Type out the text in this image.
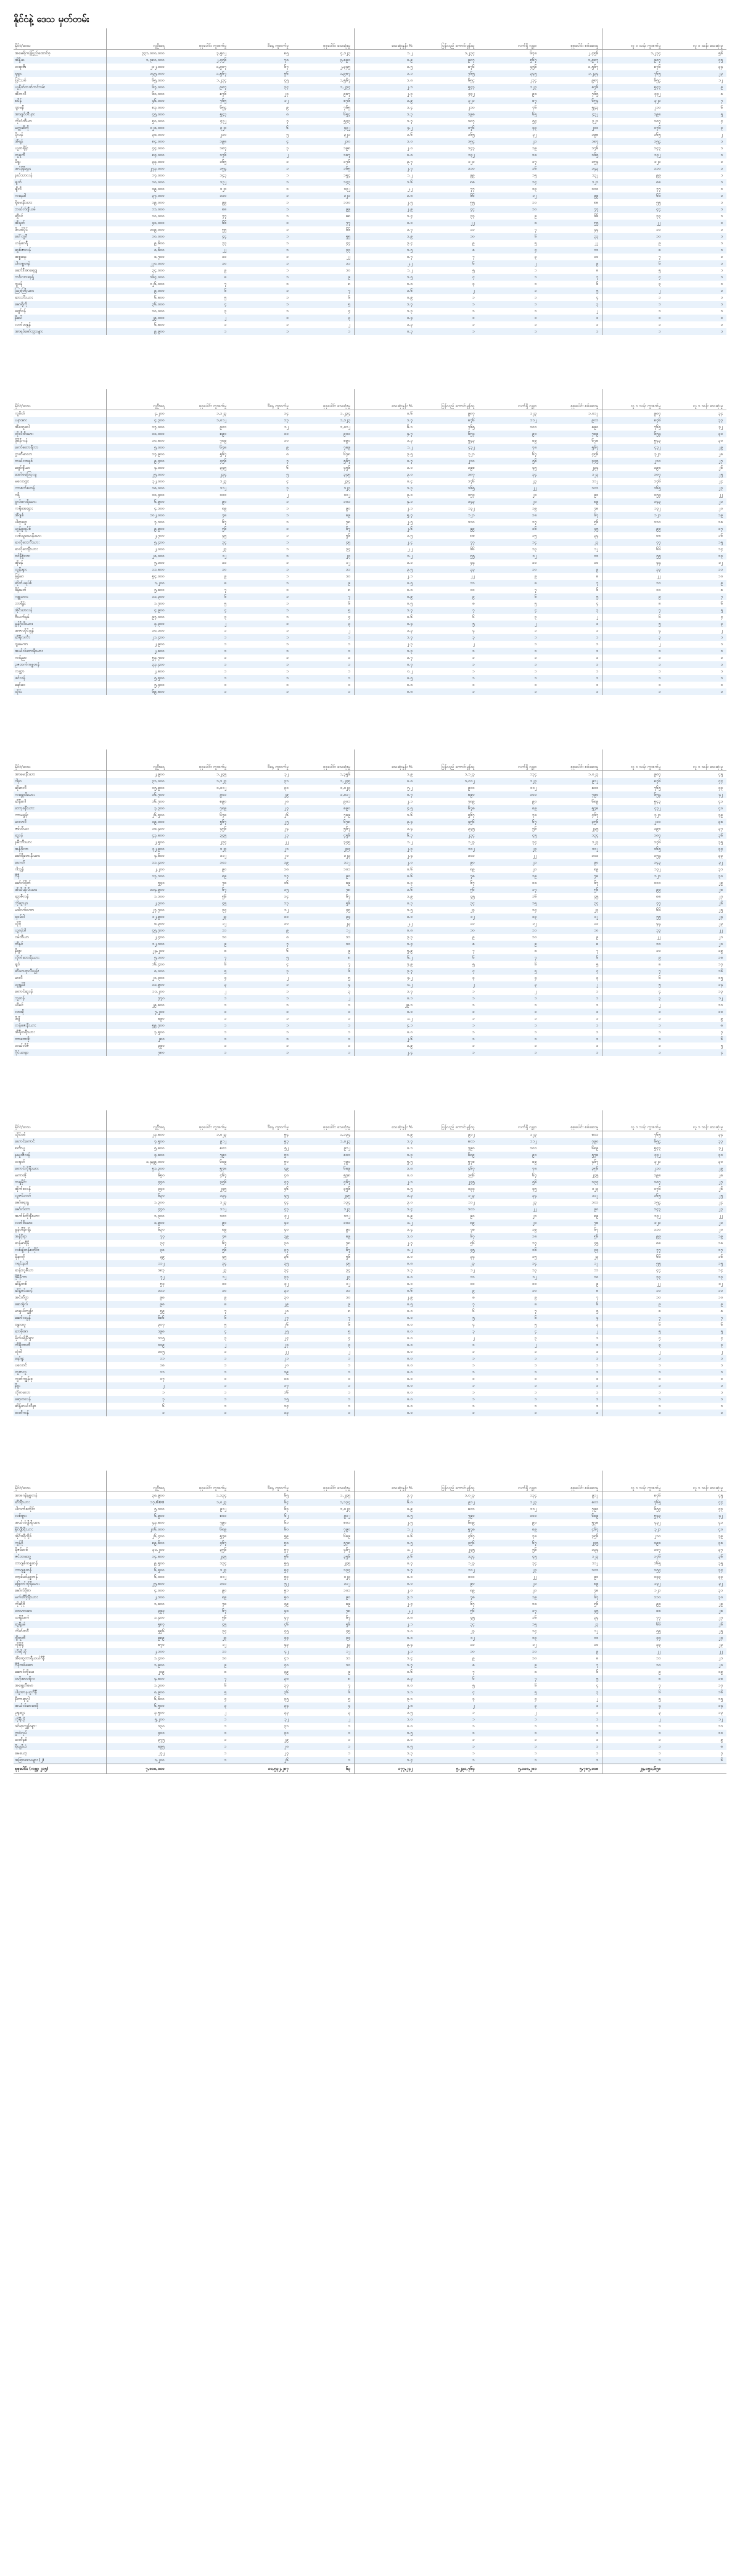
နိုင်ငံနဲ့ ဒေသ မှတ်တမ်း
နိုင်ငံ/ဒေသ	လူဦးရေ	စုစုပေါင်း ကူးစက်မှု	ဒီနေ့ ကူးစက်မှု	စုစုပေါင်း သေဆုံးမှု	သေဆုံးနှုန်း %	ပြန်လည် ကောင်းမွန်သူ	လက်ရှိ လူနာ	စုစုပေါင်း စစ်ဆေးမှု	လူ ၁ သန်း ကူးစက်မှု	လူ ၁ သန်း သေဆုံးမှု
အမေရိကန်ပြည်ထောင်စု	၃၃၁,၀၀၀,၀၀၀	၃,၅၈၂	၈၅	၄,၁၂၃	၁.၂	၁,၂၃၄	၆၇၈	၂,၄၅၆	၁,၂၃၄	၅၆
အိန္ဒိယ	၁,၃၈၀,၀၀၀	၂,၄၅၆	၇၈	၃,၈၉၀	၀.၉	၉၈၇	၅၆၇	၁,၉၈၇	၉၈၇	၄၅
ဘရာဇီး	၂၁၂,၀၀၀	၁,၉၈၇	၆၇	၂,၃၄၅	၁.၅	၈၇၆	၄၅၆	၁,၅၆၇	၈၇၆	၃၄
ရုရှား	၁၄၅,၀၀၀	၁,၅၆၇	၅၆	၁,၉၈၇	၁.၁	၇၆၅	၃၄၅	၁,၂၃၄	၇၆၅	၂၃
ပြင်သစ်	၆၅,၀၀၀	၁,၂၃၄	၄၅	၁,၅၆၇	၁.၈	၆၅၄	၂၃၄	၉၈၇	၆၅၄	၁၂
ယူနိုက်တက်ကင်းဒမ်း	၆၇,၀၀၀	၉၈၇	၃၄	၁,၂၃၄	၂.၁	၅၄၃	၁၂၃	၈၇၆	၅၄၃	၉
အီတလီ	၆၀,၀၀၀	၈၇၆	၂၃	၉၈၇	၂.၃	၄၃၂	၉၈	၇၆၅	၄၃၂	၈
စပိန်	၄၆,၀၀၀	၇၆၅	၁၂	၈၇၆	၁.၉	၃၂၁	၈၇	၆၅၄	၃၂၁	၇
ဂျာမနီ	၈၃,၀၀၀	၆၅၄	၉	၇၆၅	၁.၄	၂၁၀	၇၆	၅၄၃	၂၁၀	၆
အာဂျင်တီးနား	၄၅,၀၀၀	၅၄၃	၈	၆၅၄	၁.၃	၁၉၈	၆၅	၄၃၂	၁၉၈	၅
ကိုလံဘီယာ	၅၀,၀၀၀	၄၃၂	၇	၅၄၃	၁.၇	၁၈၇	၅၄	၃၂၁	၁၈၇	၄
မက္ကဆီကို	၁၂၈,၀၀၀	၃၂၁	၆	၄၃၂	၄.၂	၁၇၆	၄၃	၂၁၀	၁၇၆	၃
ပိုလန်	၃၈,၀၀၀	၂၁၀	၅	၃၂၁	၁.၆	၁၆၅	၃၂	၁၉၈	၁၆၅	၂
အီရန်	၈၄,၀၀၀	၁၉၈	၄	၂၁၀	၁.၀	၁၅၄	၂၁	၁၈၇	၁၅၄	၁
ယူကရိန်း	၄၄,၀၀၀	၁၈၇	၃	၁၉၈	၂.၀	၁၄၃	၁၉	၁၇၆	၁၄၃	၁
တူရကီ	၈၄,၀၀၀	၁၇၆	၂	၁၈၇	၀.၈	၁၃၂	၁၈	၁၆၅	၁၃၂	၁
ပီရူး	၃၃,၀၀၀	၁၆၅	၁	၁၇၆	၃.၇	၁၂၁	၁၇	၁၅၄	၁၂၁	၁
အင်ဒိုနီးရှား	၂၇၃,၀၀၀	၁၅၄	၁	၁၆၅	၂.၇	၁၁၀	၁၆	၁၄၃	၁၁၀	၁
နယ်သာလန်	၁၇,၀၀၀	၁၄၃	၁	၁၅၄	၁.၂	၉၉	၁၅	၁၃၂	၉၉	၁
ချက်	၁၀,၀၀၀	၁၃၂	၁	၁၄၃	၁.၆	၈၈	၁၄	၁၂၁	၈၈	၁
ချီလီ	၁၉,၀၀၀	၁၂၁	၁	၁၃၂	၂.၂	၇၇	၁၃	၁၁၀	၇၇	၁
ကနေဒါ	၃၇,၀၀၀	၁၁၀	၁	၁၂၁	၁.၈	၆၆	၁၂	၉၉	၆၆	၁
ရိုမေးနီးယား	၁၉,၀၀၀	၉၉	၁	၁၁၀	၂.၅	၅၅	၁၁	၈၈	၅၅	၁
ဘယ်လ်ဂျီယမ်	၁၁,၀၀၀	၈၈	၁	၉၉	၂.၉	၄၄	၁၀	၇၇	၄၄	၁
ဆွီဒင်	၁၀,၀၀၀	၇၇	၁	၈၈	၁.၄	၃၃	၉	၆၆	၃၃	၁
အီရတ်	၄၀,၀၀၀	၆၆	၁	၇၇	၁.၁	၂၂	၈	၅၅	၂၂	၁
ဖိလစ်ပိုင်	၁၀၉,၀၀၀	၅၅	၁	၆၆	၁.၇	၁၁	၇	၄၄	၁၁	၁
ပေါ်တူဂီ	၁၀,၀၀၀	၄၄	၁	၅၅	၁.၉	၁၀	၆	၃၃	၁၀	၁
ဟန်ဂေရီ	၉,၆၀၀	၃၃	၁	၄၄	၃.၄	၉	၅	၂၂	၉	၁
ဆွစ်ဇာလန်	၈,၆၀၀	၂၂	၁	၃၃	၁.၅	၈	၄	၁၁	၈	၁
အစ္စရေး	၈,၇၀၀	၁၁	၁	၂၂	၀.၇	၇	၃	၁၀	၇	၁
ပါကစ္စတန်	၂၂၀,၀၀၀	၁၀	၁	၁၁	၂.၂	၆	၂	၉	၆	၁
ဆော်ဒီအာရေဗျ	၃၄,၀၀၀	၉	၁	၁၀	၁.၂	၅	၁	၈	၅	၁
ဘင်္ဂလားဒေ့ရှ်	၁၆၄,၀၀၀	၈	၁	၉	၁.၅	၄	၁	၇	၄	၁
ဂျပန်	၁၂၆,၀၀၀	၇	၁	၈	၁.၈	၃	၁	၆	၃	၁
ဩစတြီးယား	၉,၀၀၀	၆	၁	၇	၁.၆	၂	၁	၅	၂	၁
ဆားဘီးယား	၆,၈၀၀	၅	၁	၆	၀.၉	၁	၁	၄	၁	၁
မောရိုကို	၃၆,၀၀၀	၄	၁	၅	၁.၇	၁	၁	၃	၁	၁
ဂျော်ဒန်	၁၀,၀၀၀	၃	၁	၄	၁.၃	၁	၁	၂	၁	၁
နီပေါ	၂၉,၀၀၀	၂	၁	၃	၁.၄	၁	၁	၁	၁	၁
လက်ဘနွန်	၆,၈၀၀	၁	၁	၂	၁.၃	၁	၁	၁	၁	၁
အာရပ်စော်ဘွားများ	၉,၉၀၀	၁	၁	၁	၀.၃	၁	၁	၁	၁	၁
နိုင်ငံ/ဒေသ	လူဦးရေ	စုစုပေါင်း ကူးစက်မှု	ဒီနေ့ ကူးစက်မှု	စုစုပေါင်း သေဆုံးမှု	သေဆုံးနှုန်း %	ပြန်လည် ကောင်းမွန်သူ	လက်ရှိ လူနာ	စုစုပေါင်း စစ်ဆေးမှု	လူ ၁ သန်း ကူးစက်မှု	လူ ၁ သန်း သေဆုံးမှု
ကူဝိတ်	၄,၂၀၀	၁,၁၂၃	၁၄	၁,၂၃၄	၀.၆	၉၈၇	၁၂၃	၁,၀၁၂	၉၈၇	၃၄
ပနားမား	၄,၃၀၀	၁,၀၁၂	၁၃	၁,၁၂၃	၁.၇	၈၇၆	၁၁၂	၉၀၁	၈၇၆	၃၃
အီကွေဒေါ	၁၇,၀၀၀	၉၀၁	၁၂	၁,၀၁၂	၆.၁	၇၆၅	၁၀၁	၈၉၀	၇၆၅	၃၂
ဘိုလီးဗီးယား	၁၁,၀၀၀	၈၉၀	၁၁	၉၀၁	၄.၇	၆၅၄	၉၀	၇၈၉	၆၅၄	၃၁
ဒိုမီနီကန်	၁၀,၈၀၀	၇၈၉	၁၀	၈၉၀	၁.၃	၅၄၃	၈၉	၆၇၈	၅၄၃	၃၀
ကော်စတာရီကာ	၅,၀၀၀	၆၇၈	၉	၇၈၉	၁.၂	၄၃၂	၇၈	၅၆၇	၄၃၂	၂၉
ဂွာတီမာလာ	၁၇,၉၀၀	၅၆၇	၈	၆၇၈	၃.၅	၃၂၁	၆၇	၄၅၆	၃၂၁	၂၈
ဘယ်လာရုစ်	၉,၄၀၀	၄၅၆	၇	၅၆၇	၀.၇	၂၁၀	၅၆	၃၄၅	၂၁၀	၂၇
ဂျော်ဂျီယာ	၄,၀၀၀	၃၄၅	၆	၄၅၆	၁.၀	၁၉၈	၄၅	၂၃၄	၁၉၈	၂၆
အော်စတြေးလျ	၂၅,၀၀၀	၂၃၄	၅	၃၄၅	၃.၀	၁၈၇	၃၄	၁၂၃	၁၈၇	၂၅
မလေးရှား	၃၂,၀၀၀	၁၂၃	၄	၂၃၄	၀.၄	၁၇၆	၂၃	၁၁၂	၁၇၆	၂၄
ကာဇက်စတန်	၁၈,၀၀၀	၁၁၂	၃	၁၂၃	၁.၃	၁၆၅	၂၂	၁၀၁	၁၆၅	၂၃
ဂရိ	၁၀,၄၀၀	၁၀၁	၂	၁၁၂	၃.၀	၁၅၄	၂၁	၉၀	၁၅၄	၂၂
ဗူလ်ဂေးရီးယား	၆,၉၀၀	၉၀	၁	၁၀၁	၄.၁	၁၄၃	၂၀	၈၉	၁၄၃	၂၁
ကရိုအေးရှား	၄,၁၀၀	၈၉	၁	၉၀	၂.၁	၁၃၂	၁၉	၇၈	၁၃၂	၂၀
အီဂျစ်	၁၀၂,၀၀၀	၇၈	၁	၈၉	၅.၇	၁၂၁	၁၈	၆၇	၁၂၁	၁၉
ပါရာဂွေး	၇,၁၀၀	၆၇	၁	၇၈	၂.၅	၁၁၀	၁၇	၅၆	၁၁၀	၁၈
ဟွန်ဒူးရပ်စ်	၉,၉၀၀	၅၆	၁	၆၇	၂.၆	၉၉	၁၆	၄၅	၉၉	၁၇
လစ်သူယေးနီးယား	၂,၇၀၀	၄၅	၁	၅၆	၁.၅	၈၈	၁၅	၃၄	၈၈	၁၆
ဆလိုဗေးကီးယား	၅,၄၀၀	၃၄	၁	၄၅	၂.၄	၇၇	၁၄	၂၃	၇၇	၁၅
ဆလိုဗေးနီးယား	၂,၀၀၀	၂၃	၁	၃၄	၂.၂	၆၆	၁၃	၁၂	၆၆	၁၄
ဗင်နီဇွဲလား	၂၈,၀၀၀	၁၂	၁	၂၃	၁.၂	၅၅	၁၂	၁၁	၅၅	၁၃
အိုမန်	၅,၁၀၀	၁၁	၁	၁၂	၁.၁	၄၄	၁၁	၁၀	၄၄	၁၂
တူနီးရှား	၁၁,၈၀၀	၁၀	၁	၁၁	၃.၅	၃၃	၁၀	၉	၃၃	၁၁
မြန်မာ	၅၄,၀၀၀	၉	၁	၁၀	၂.၁	၂၂	၉	၈	၂၂	၁၀
ဆိုက်ပရပ်စ်	၁,၂၀၀	၈	၁	၉	၀.၅	၁၁	၈	၇	၁၁	၉
ဒိန်းမတ်	၅,၈၀၀	၇	၁	၈	၀.၈	၁၀	၇	၆	၁၀	၈
ကျူးဘား	၁၁,၃၀၀	၆	၁	၇	၀.၉	၉	၆	၅	၉	၇
ဘာရိန်း	၁,၇၀၀	၅	၁	၆	၀.၅	၈	၅	၄	၈	၆
အိုင်ယာလန်	၄,၉၀၀	၄	၁	၅	၁.၇	၇	၄	၃	၇	၅
ဗီယက်နမ်	၉၇,၀၀၀	၃	၁	၄	၀.၆	၆	၃	၂	၆	၄
မွန်ဂိုလီးယား	၃,၃၀၀	၂	၁	၃	၀.၄	၅	၂	၁	၅	၃
အဇာဘိုင်ဂျန်	၁၀,၁၀၀	၁	၁	၂	၁.၃	၄	၁	၁	၄	၂
ဆီရီလင်္ကာ	၂၁,၄၀၀	၁	၁	၁	၁.၇	၃	၁	၁	၃	၁
ဂျမေကာ	၂,၉၀၀	၁	၁	၁	၂.၃	၂	၁	၁	၂	၁
အယ်လ်ဘေးနီးယား	၂,၈၀၀	၁	၁	၁	၁.၃	၁	၁	၁	၁	၁
ကင်ညာ	၅၃,၇၀၀	၁	၁	၁	၁.၇	၁	၁	၁	၁	၁
ဥဇဘက်ကစ္စတန်	၃၃,၄၀၀	၁	၁	၁	၀.၇	၁	၁	၁	၁	၁
ကတ္တာ	၂,၈၀၀	၁	၁	၁	၀.၂	၁	၁	၁	၁	၁
ဖင်လန်	၅,၅၀၀	၁	၁	၁	၀.၅	၁	၁	၁	၁	၁
နော်ဝေ	၅,၄၀၀	၁	၁	၁	၀.၈	၁	၁	၁	၁	၁
ထိုင်း	၆၉,၈၀၀	၁	၁	၁	၀.၈	၁	၁	၁	၁	၁
နိုင်ငံ/ဒေသ	လူဦးရေ	စုစုပေါင်း ကူးစက်မှု	ဒီနေ့ ကူးစက်မှု	စုစုပေါင်း သေဆုံးမှု	သေဆုံးနှုန်း %	ပြန်လည် ကောင်းမွန်သူ	လက်ရှိ လူနာ	စုစုပေါင်း စစ်ဆေးမှု	လူ ၁ သန်း ကူးစက်မှု	လူ ၁ သန်း သေဆုံးမှု
အာမေးနီးယား	၂,၉၀၀	၁,၂၄၅	၃၂	၁,၃၅၆	၁.၉	၁,၁၂၃	၁၃၄	၁,၀၂၃	၉၈၇	၄၅
ဂါနာ	၃၁,၀၀၀	၁,၁၂၃	၃၁	၁,၂၄၅	၀.၈	၁,၀၁၂	၁၂၃	၉၁၂	၈၇၆	၄၄
ဆိုမာလီ	၁၅,၉၀၀	၁,၀၁၂	၃၀	၁,၁၂၃	၅.၂	၉၀၁	၁၁၂	၈၀၁	၇၆၅	၄၃
ကမ္ဘောဒီးယား	၁၆,၇၀၀	၉၀၁	၂၉	၁,၀၁၂	၀.၇	၈၉၀	၁၀၁	၇၉၀	၆၅၄	၄၂
ဆီနီဂေါ	၁၆,၇၀၀	၈၉၀	၂၈	၉၀၁	၂.၁	၇၈၉	၉၀	၆၈၉	၅၄၃	၄၁
ဘော့စနီးယား	၃,၃၀၀	၇၈၉	၂၇	၈၉၀	၄.၅	၆၇၈	၈၉	၅၇၈	၄၃၂	၄၀
ကာမရွန်း	၂၆,၅၀၀	၆၇၈	၂၆	၇၈၉	၁.၆	၅၆၇	၇၈	၄၆၇	၃၂၁	၃၉
မာလာဝီ	၁၉,၁၀၀	၅၆၇	၂၅	၆၇၈	၃.၄	၄၅၆	၆၇	၃၅၆	၂၁၀	၃၈
ဇမ်ဘီယာ	၁၈,၄၀၀	၄၅၆	၂၄	၅၆၇	၁.၄	၃၄၅	၅၆	၂၄၅	၁၉၈	၃၇
ဆူဒန်	၄၃,၈၀၀	၃၄၅	၂၃	၄၅၆	၆.၃	၂၃၄	၄၅	၁၃၄	၁၈၇	၃၆
နမီးဘီးယား	၂,၅၀၀	၂၃၄	၂၂	၃၄၅	၁.၂	၁၂၃	၃၄	၁၂၃	၁၇၆	၃၅
အန်ဂိုလာ	၃၂,၉၀၀	၁၂၃	၂၁	၂၃၄	၂.၃	၁၁၂	၂၃	၁၁၂	၁၆၅	၃၄
မော်ရီတေးနီးယား	၄,၆၀၀	၁၁၂	၂၀	၁၂၃	၂.၄	၁၀၁	၂၂	၁၀၁	၁၅၄	၃၃
ဟေတီ	၁၁,၄၀၀	၁၀၁	၁၉	၁၁၂	၂.၀	၉၀	၂၁	၉၀	၁၄၃	၃၂
ဂါဘွန်	၂,၂၀၀	၉၀	၁၈	၁၀၁	၀.၆	၈၉	၂၀	၈၉	၁၃၂	၃၁
ဂီနီ	၁၃,၁၀၀	၈၉	၁၇	၉၀	၀.၆	၇၈	၁၉	၇၈	၁၂၁	၃၀
မော်လ်ဒိုက်	၅၄၀	၇၈	၁၆	၈၉	၀.၃	၆၇	၁၈	၆၇	၁၁၀	၂၉
အီသီယိုးပီးယား	၁၁၄,၉၀၀	၆၇	၁၅	၇၈	၁.၆	၅၆	၁၇	၅၆	၉၉	၂၈
ဆွာဇီလန်	၁,၁၀၀	၅၆	၁၄	၆၇	၁.၉	၄၅	၁၆	၄၅	၈၈	၂၇
ဘိုဆွာနာ	၂,၃၀၀	၄၅	၁၃	၅၆	၀.၃	၃၄	၁၅	၃၄	၇၇	၂၆
မဒါဂက်စကာ	၂၇,၇၀၀	၃၄	၁၂	၄၅	၁.၅	၂၃	၁၄	၂၃	၆၆	၂၅
ရဝမ်ဒါ	၁၂,၉၀၀	၂၃	၁၁	၃၄	၁.၀	၁၂	၁၃	၁၂	၅၅	၂၄
တိုဂို	၈,၃၀၀	၁၂	၁၀	၂၃	၂.၂	၁၁	၁၂	၁၁	၄၄	၂၃
ယူဂန်ဒါ	၄၅,၇၀၀	၁၁	၉	၁၂	၀.၈	၁၀	၁၁	၁၀	၃၃	၂၂
ဂမ်ဘီယာ	၂,၄၀၀	၁၀	၈	၁၁	၃.၃	၉	၁၀	၉	၂၂	၂၁
ဘီနင်	၁၂,၁၀၀	၉	၇	၁၀	၁.၄	၈	၉	၈	၁၁	၂၀
နီဂျာ	၂၄,၂၀၀	၈	၆	၉	၅.၉	၇	၈	၇	၁၀	၁၉
လိုက်ဘေးရီးယား	၅,၁၀၀	၇	၅	၈	၆.၂	၆	၇	၆	၉	၁၈
ချဒ်	၁၆,၄၀၀	၆	၄	၇	၇.၉	၅	၆	၅	၈	၁၇
ဆီယာရာလီယွန်း	၈,၀၀၀	၅	၃	၆	၃.၇	၄	၅	၄	၇	၁၆
မာလီ	၂၀,၃၀၀	၄	၂	၅	၄.၂	၃	၄	၃	၆	၁၅
ဘူရွန်ဒီ	၁၁,၉၀၀	၃	၁	၄	၀.၂	၂	၃	၂	၅	၁၄
တောင်ဆူဒန်	၁၁,၂၀၀	၂	၁	၃	၁.၇	၁	၂	၁	၄	၁၃
ဘူတန်	၇၇၀	၁	၁	၂	၀.၁	၁	၁	၁	၃	၁၂
ယီမင်	၂၉,၈၀၀	၁	၁	၁	၂၉.၁	၁	၁	၁	၂	၁၁
လာအို	၇,၂၀၀	၁	၁	၁	၀.၀	၁	၁	၁	၁	၁၀
ဖီဂျီ	၈၉၀	၁	၁	၁	၁.၂	၁	၁	၁	၁	၉
တန်ဇေးနီးယား	၅၉,၇၀၀	၁	၁	၁	၄.၁	၁	၁	၁	၁	၈
အီရီထရီးယား	၃,၅၀၀	၁	၁	၁	၀.၀	၁	၁	၁	၁	၇
ဘာဘေးဒိုး	၂၈၀	၁	၁	၁	၂.၆	၁	၁	၁	၁	၆
ဘယ်လိဇ်	၃၉၀	၁	၁	၁	၁.၉	၁	၁	၁	၁	၅
ဂိုင်ယာနာ	၇၈၀	၁	၁	၁	၂.၄	၁	၁	၁	၁	၄
နိုင်ငံ/ဒေသ	လူဦးရေ	စုစုပေါင်း ကူးစက်မှု	ဒီနေ့ ကူးစက်မှု	စုစုပေါင်း သေဆုံးမှု	သေဆုံးနှုန်း %	ပြန်လည် ကောင်းမွန်သူ	လက်ရှိ လူနာ	စုစုပေါင်း စစ်ဆေးမှု	လူ ၁ သန်း ကူးစက်မှု	လူ ၁ သန်း သေဆုံးမှု
ထိုင်ဝမ်	၂၃,၈၀၀	၁,၀၂၃	၅၄	၁,၁၃၄	၀.၉	၉၁၂	၁၂၃	၈၀၁	၇၆၅	၃၄
ဟောင်ကောင်	၇,၅၀၀	၉၁၂	၅၃	၁,၀၂၃	၁.၇	၈၀၁	၁၁၂	၇၉၀	၆၅၄	၃၃
စင်္ကာပူ	၅,၈၀၀	၈၀၁	၅၂	၉၁၂	၀.၁	၇၉၀	၁၀၁	၆၈၉	၅၄၃	၃၂
နယူးဇီလန်	၄,၈၀၀	၇၉၀	၅၁	၈၀၁	၁.၃	၆၈၉	၉၀	၅၇၈	၄၃၂	၃၁
တရုတ်	၁,၄၃၉,၀၀၀	၆၈၉	၅၀	၇၉၀	၅.၅	၅၇၈	၈၉	၄၆၇	၃၂၁	၃၀
တောင်ကိုရီးယား	၅၁,၃၀၀	၅၇၈	၄၉	၆၈၉	၁.၈	၄၆၇	၇၈	၃၅၆	၂၁၀	၂၉
မကာအို	၆၅၀	၄၆၇	၄၈	၅၇၈	၀.၀	၃၅၆	၆၇	၂၄၅	၁၉၈	၂၈
ဘရူနိုင်း	၄၄၀	၃၅၆	၄၇	၄၆၇	၂.၁	၂၄၅	၅၆	၁၃၄	၁၈၇	၂၇
အိုက်စလန်	၃၄၀	၂၄၅	၄၆	၃၅၆	၀.၅	၁၃၄	၄၅	၁၂၃	၁၇၆	၂၆
လူဇင်ဘတ်	၆၃၀	၁၃၄	၄၅	၂၄၅	၁.၃	၁၂၃	၃၄	၁၁၂	၁၆၅	၂၅
မော်ရေးရှ	၁,၃၀၀	၁၂၃	၄၄	၁၃၄	၃.၀	၁၁၂	၂၃	၁၀၁	၁၅၄	၂၄
မော်လ်တာ	၄၄၀	၁၁၂	၄၃	၁၂၃	၁.၄	၁၀၁	၂၂	၉၀	၁၄၃	၂၃
အက်စ်တိုးနီးယား	၁,၃၀၀	၁၀၁	၄၂	၁၁၂	၀.၉	၉၀	၂၁	၈၉	၁၃၂	၂၂
လတ်ဗီးယား	၁,၉၀၀	၉၀	၄၁	၁၀၁	၁.၂	၈၉	၂၀	၇၈	၁၂၁	၂၁
မွန်တီနီဂရိုး	၆၃၀	၈၉	၄၀	၉၀	၁.၄	၇၈	၁၉	၆၇	၁၁၀	၂၀
အန်ဒိုရာ	၇၇	၇၈	၃၉	၈၉	၁.၀	၆၇	၁၈	၅၆	၉၉	၁၉
ဆန်မာရီနို	၃၄	၆၇	၃၈	၇၈	၂.၇	၅၆	၁၇	၄၅	၈၈	၁၈
လစ်ချ်တန်စတိုင်း	၃၈	၅၆	၃၇	၆၇	၁.၂	၄၅	၁၆	၃၄	၇၇	၁၇
မိုနာကို	၃၉	၄၅	၃၆	၅၆	၁.၀	၃၄	၁၅	၂၃	၆၆	၁၆
ဂရင်းနဒါ	၁၁၂	၃၄	၃၅	၄၅	၀.၈	၂၃	၁၄	၁၂	၅၅	၁၅
ဆန်းလူစီယာ	၁၈၃	၂၃	၃၄	၃၄	၁.၃	၁၂	၁၃	၁၁	၄၄	၁၄
ဒိုမီနီကာ	၇၂	၁၂	၃၃	၂၃	၀.၀	၁၁	၁၂	၁၀	၃၃	၁၃
ဆိန့်ကစ်	၅၃	၁၁	၃၂	၁၂	၀.၀	၁၀	၁၁	၉	၂၂	၁၂
ဆိန့်ဗင်းဆင့်	၁၁၁	၁၀	၃၁	၁၁	၀.၆	၉	၁၀	၈	၁၁	၁၁
အင်တီဂွာ	၉၈	၉	၃၀	၁၀	၂.၉	၈	၉	၇	၁၀	၁၀
ဆေးရှဲလ်	၉၈	၈	၂၉	၉	၀.၅	၇	၈	၆	၉	၉
မာရှယ်ကျွန်း	၅၉	၇	၂၈	၈	၀.၀	၆	၇	၅	၈	၈
ဆော်လမွန်	၆၈၆	၆	၂၇	၇	၀.၀	၅	၆	၄	၇	၇
ဗနွားတူ	၃၀၇	၅	၂၆	၆	၀.၀	၄	၅	၃	၆	၆
ဆာမိုအာ	၁၉၈	၄	၂၅	၅	၀.၀	၃	၄	၂	၅	၅
မိုက်ခရိုနီးရှား	၁၁၅	၃	၂၄	၄	၀.၀	၂	၃	၁	၄	၄
ကီရီဘာတီ	၁၁၉	၂	၂၃	၃	၀.၀	၁	၂	၁	၃	၃
တုံဂါ	၁၀၅	၁	၂၂	၂	၀.၀	၁	၁	၁	၂	၂
နော်ရူး	၁၁	၁	၂၁	၁	၀.၀	၁	၁	၁	၁	၁
ပလောင်	၁၈	၁	၂၀	၁	၀.၀	၁	၁	၁	၁	၁
တူဗာလူ	၁၁	၁	၁၉	၁	၀.၀	၁	၁	၁	၁	၁
ကွတ်ကျွန်းစု	၁၇	၁	၁၈	၁	၀.၀	၁	၁	၁	၁	၁
နီဝူး	၂	၁	၁၇	၁	၀.၀	၁	၁	၁	၁	၁
တိုကလော	၁	၁	၁၆	၁	၀.၀	၁	၁	၁	၁	၁
ဖော့ကလန်	၃	၁	၁၅	၁	၀.၀	၁	၁	၁	၁	၁
ဆိန့်ဟယ်လီနာ	၆	၁	၁၄	၁	၀.၀	၁	၁	၁	၁	၁
ဗာတီကန်	၁	၁	၁၃	၁	၀.၀	၁	၁	၁	၁	၁
နိုင်ငံ/ဒေသ	လူဦးရေ	စုစုပေါင်း ကူးစက်မှု	ဒီနေ့ ကူးစက်မှု	စုစုပေါင်း သေဆုံးမှု	သေဆုံးနှုန်း %	ပြန်လည် ကောင်းမွန်သူ	လက်ရှိ လူနာ	စုစုပေါင်း စစ်ဆေးမှု	လူ ၁ သန်း ကူးစက်မှု	လူ ၁ သန်း သေဆုံးမှု
အာဖဂန်နစ္စတန်	၃၈,၉၀၀	၁,၁၃၄	၆၅	၁,၂၄၅	၃.၇	၁,၀၂၃	၁၃၄	၉၁၂	၈၇၆	၄၅
ဆီးရီးယား	၁၇,៥០០	၁,၀၂၃	၆၄	၁,၁၃၄	၆.၀	၉၁၂	၁၂၃	၈၀၁	၇၆၅	၄၄
ပါလက်စတိုင်း	၅,၁၀၀	၉၁၂	၆၃	၁,၀၂၃	၀.၉	၈၀၁	၁၁၂	၇၉၀	၆၅၄	၄၃
လစ်ဗျား	၆,၉၀၀	၈၀၁	၆၂	၉၁၂	၁.၅	၇၉၀	၁၀၁	၆၈၉	၅၄၃	၄၂
အယ်လ်ဂျီးရီးယား	၄၃,၈၀၀	၇၉၀	၆၁	၈၀၁	၂.၅	၆၈၉	၉၀	၅၇၈	၄၃၂	၄၁
နိုင်ဂျီးရီးယား	၂၀၆,၀၀၀	၆၈၉	၆၀	၇၉၀	၁.၂	၅၇၈	၈၉	၄၆၇	၃၂၁	၄၀
အိုင်ဗရီကို့စ်	၂၆,၄၀၀	၅၇၈	၅၉	၆၈၉	၀.၆	၄၆၇	၇၈	၃၅၆	၂၁၀	၃၉
ကွန်ဂို	၈၉,၆၀၀	၄၆၇	၅၈	၅၇၈	၁.၅	၃၅၆	၆၇	၂၄၅	၁၉၈	၃၈
မိုဇမ်ဘစ်	၃၁,၂၀၀	၃၅၆	၅၇	၄၆၇	၁.၂	၂၄၅	၅၆	၁၃၄	၁၈၇	၃၇
ဇင်ဘာဘွေ	၁၄,၈၀၀	၂၄၅	၅၆	၃၅၆	၃.၆	၁၃၄	၄၅	၁၂၃	၁၇၆	၃၆
တာဂျစ်ကစ္စတန်	၉,၅၀၀	၁၃၄	၅၅	၂၄၅	၀.၇	၁၂၃	၃၄	၁၁၂	၁၆၅	၃၅
ကာဂျစ္စတန်	၆,၅၀၀	၁၂၃	၅၄	၁၃၄	၁.၇	၁၁၂	၂၃	၁၀၁	၁၅၄	၃၄
တာ့ခ်မင်နစ္စတန်	၆,၀၀၀	၁၁၂	၅၃	၁၂၃	၀.၀	၁၀၁	၂၂	၉၀	၁၄၃	၃၃
မြောက်ကိုရီးယား	၂၅,၈၀၀	၁၀၁	၅၂	၁၁၂	၀.၀	၉၀	၂၁	၈၉	၁၃၂	၃၂
မော်လ်ဒိုဗာ	၄,၀၀၀	၉၀	၅၁	၁၀၁	၂.၀	၈၉	၂၀	၇၈	၁၂၁	၃၁
မက်ဆီဒိုးနီးယား	၂,၁၀၀	၈၉	၅၀	၉၀	၃.၁	၇၈	၁၉	၆၇	၁၁၀	၃၀
ကိုဆိုဗို	၁,၈၀၀	၇၈	၄၉	၈၉	၂.၄	၆၇	၁၈	၅၆	၉၉	၂၉
ဘာဟားမား	၃၉၃	၆၇	၄၈	၇၈	၂.၂	၅၆	၁၇	၄၅	၈၈	၂၈
ထရီနီဒက်	၁,၄၀၀	၅၆	၄၇	၆၇	၁.၈	၄၅	၁၆	၃၄	၇၇	၂၇
ဆူရီနမ်	၅၈၇	၄၅	၄၆	၅၆	၂.၁	၃၄	၁၅	၂၃	၆၆	၂၆
ကိတ်ဗာဒီ	၅၅၆	၃၄	၄၅	၄၅	၁.၀	၂၃	၁၄	၁၂	၅၅	၂၅
ဂျီဘူတီ	၉၈၉	၂၃	၄၄	၃၄	၁.၀	၁၂	၁၃	၁၁	၄၄	၂၄
ကိုမိုရို	၈၇၀	၁၂	၄၃	၂၃	၃.၄	၁၁	၁၂	၁၀	၃၃	၂၃
လီဆိုသို	၂,၁၀၀	၁၁	၄၂	၁၂	၂.၁	၁၀	၁၁	၉	၂၂	၂၂
အီကွေတာရီယယ်ဂီနီ	၁,၄၀၀	၁၀	၄၁	၁၁	၁.၄	၉	၁၀	၈	၁၁	၂၁
ဂီနီဘစ်ဆော	၁,၉၀၀	၉	၄၀	၁၀	၁.၇	၈	၉	၇	၁၀	၂၀
ဆောင်တိုမေး	၂၁၉	၈	၃၉	၉	၁.၆	၇	၈	၆	၉	၁၉
ဗဟိုအာဖရိက	၄,၈၀၀	၇	၃၈	၈	၁.၃	၆	၇	၅	၈	၁၈
အရှေ့တီမော	၁,၃၀၀	၆	၃၇	၇	၀.၀	၅	၆	၄	၇	၁၇
ပါပူအာနယူးဂီနီ	၈,၉၀၀	၅	၃၆	၆	၁.၁	၄	၅	၃	၆	၁၆
နီကာရာဂွါ	၆,၆၀၀	၄	၃၅	၅	၃.၁	၃	၄	၂	၅	၁၅
အယ်လ်ဆာဗေဒို	၆,၅၀၀	၃	၃၄	၄	၂.၈	၂	၃	၁	၄	၁၄
ဥရုဂွေး	၃,၅၀၀	၂	၃၃	၃	၁.၅	၁	၂	၁	၃	၁၃
ကိုရီယို	၅,၂၀၀	၁	၃၂	၂	၁.၀	၁	၁	၁	၂	၁၂
ဒင်မာ့ကျွန်းများ	၁၃၀	၁	၃၁	၁	၀.၀	၁	၁	၁	၁	၁၁
ဂွာဒဲလုပ်	၄၀၀	၁	၃၀	၁	၁.၅	၁	၁	၁	၁	၁၀
မာတီနစ်	၃၇၅	၁	၂၉	၁	၁.၀	၁	၁	၁	၁	၉
ရီယူနီယံ	၈၉၅	၁	၂၈	၁	၀.၅	၁	၁	၁	၁	၈
မေယော့	၂၇၂	၁	၂၇	၁	၁.၃	၁	၁	၁	၁	၇
အခြားဒေသများ (၂)	၁,၂၀၀	၁	၂၆	၁	၁.၄	၁	၁	၁	၁	၆
စုစုပေါင်း (ကမ္ဘာ့ ၂၁၅)	၇,၈၀၀,၀၀၀		၁၀,၅၃၂,၂၈၇	၆၃	၁၇၇,၂၄၂	၅,၂၃၁,၇၆၄	၅,၁၁၈,၂၈၁	၅,၇၈၇,၀၀၈	၂၄,၀၅၁,၆၅၈	
